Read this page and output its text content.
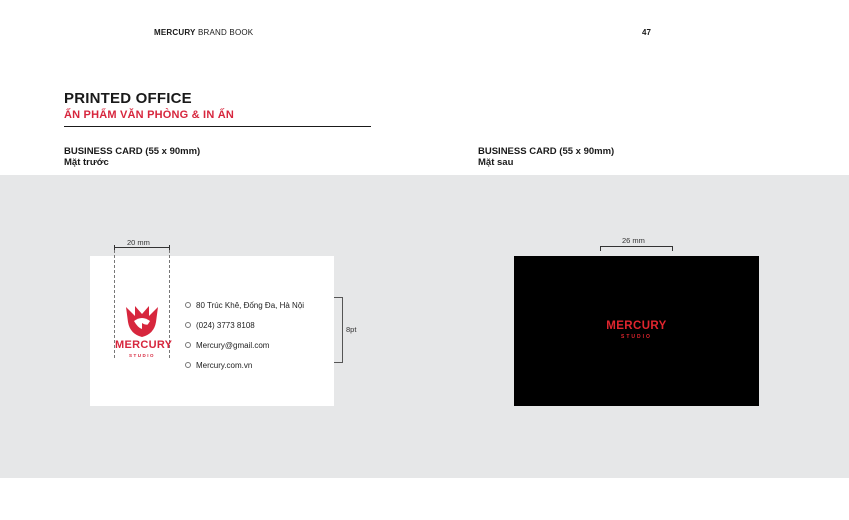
MERCURY BRAND BOOK	47
PRINTED OFFICE
ẤN PHẨM VĂN PHÒNG & IN ẤN
BUSINESS CARD (55 x 90mm)
Mặt trước
BUSINESS CARD (55 x 90mm)
Mặt sau
20 mm
MERCURY
STUDIO
80 Trúc Khê, Đống Đa, Hà Nội
(024) 3773 8108
Mercury@gmail.com
Mercury.com.vn
8pt
26 mm
MERCURY
STUDIO
